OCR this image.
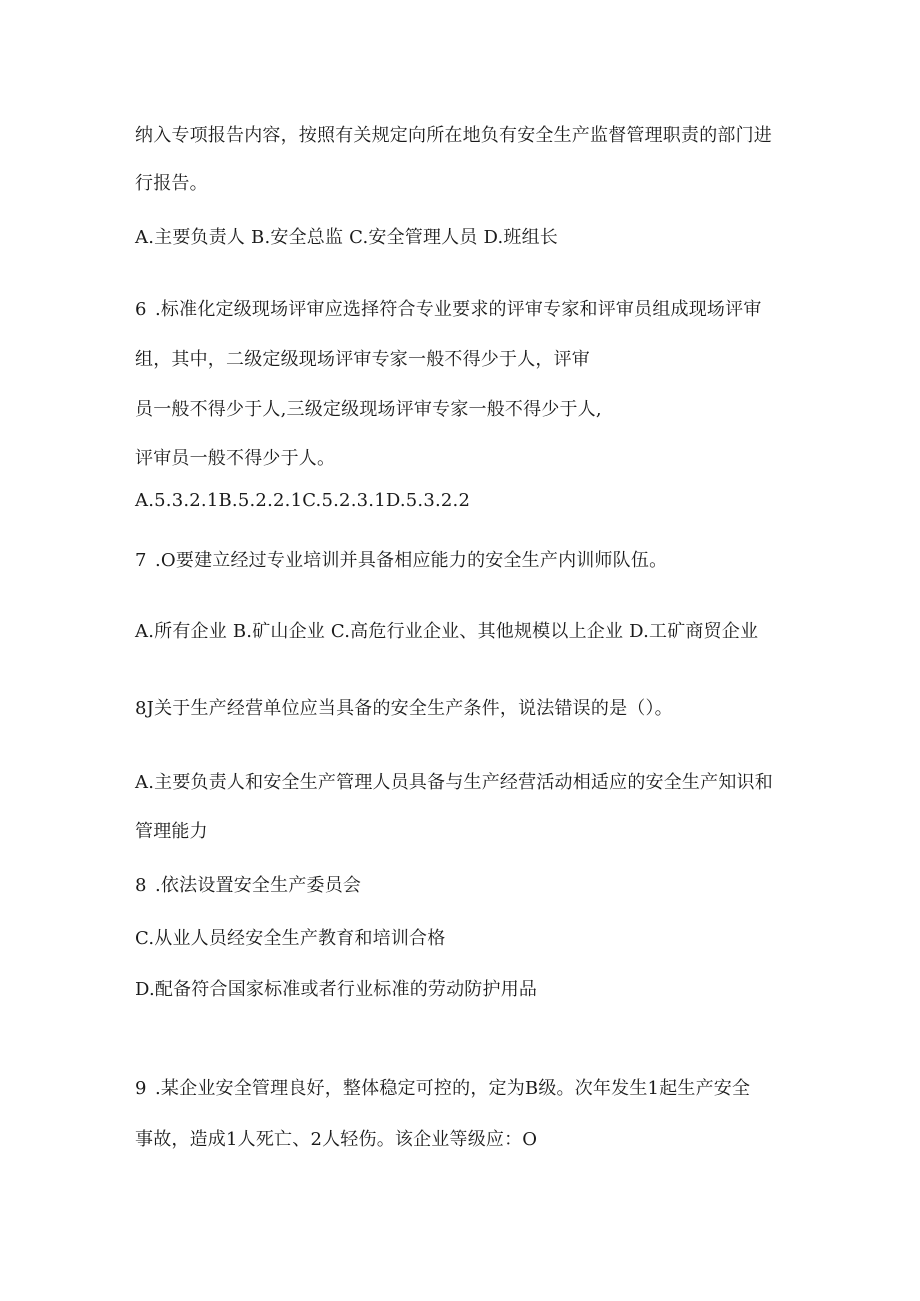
纳入专项报告内容，按照有关规定向所在地负有安全生产监督管理职责的部门进
行报告。
A.主要负责人 B.安全总监 C.安全管理人员 D.班组长
6 .标准化定级现场评审应选择符合专业要求的评审专家和评审员组成现场评审
组，其中，二级定级现场评审专家一般不得少于人，评审
员一般不得少于人,三级定级现场评审专家一般不得少于人,
评审员一般不得少于人。
A.5.3.2.1B.5.2.2.1C.5.2.3.1D.5.3.2.2
7 .O要建立经过专业培训并具备相应能力的安全生产内训师队伍。
A.所有企业 B.矿山企业 C.高危行业企业、其他规模以上企业 D.工矿商贸企业
8J关于生产经营单位应当具备的安全生产条件，说法错误的是（）。
A.主要负责人和安全生产管理人员具备与生产经营活动相适应的安全生产知识和
管理能力
8 .依法设置安全生产委员会
C.从业人员经安全生产教育和培训合格
D.配备符合国家标准或者行业标准的劳动防护用品
9 .某企业安全管理良好，整体稳定可控的，定为B级。次年发生1起生产安全
事故，造成1人死亡、2人轻伤。该企业等级应：O
